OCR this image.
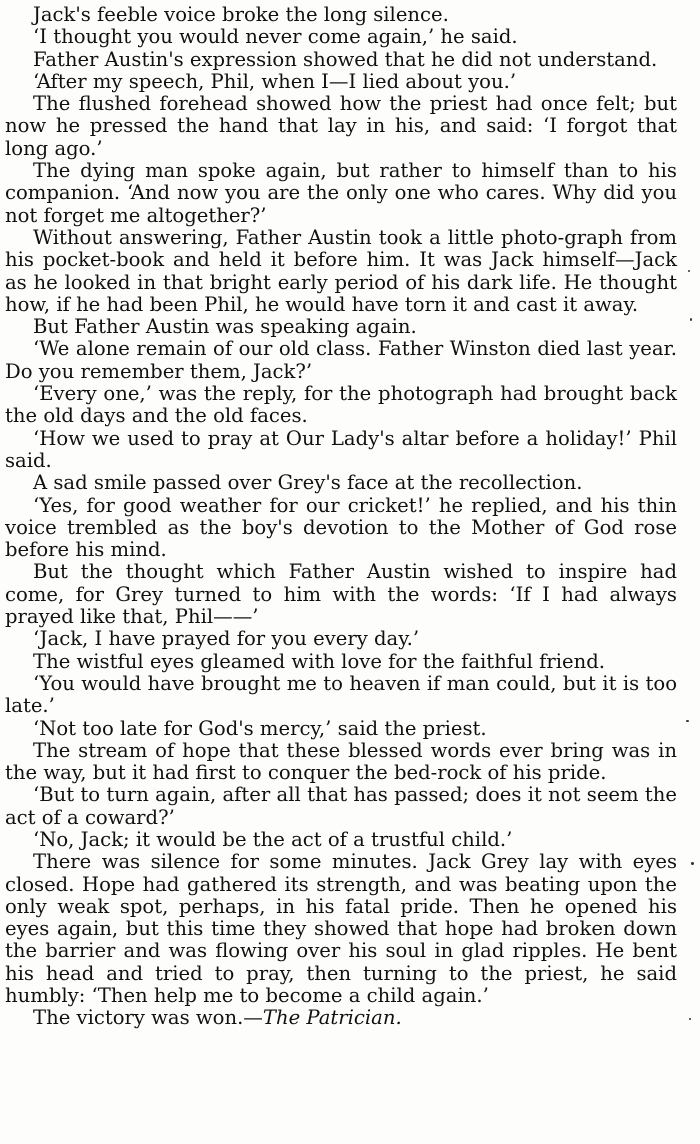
Jack's feeble voice broke the long silence.

‘I thought you would never come again,’ he said.

Father Austin's expression showed that he did not understand.

‘After my speech, Phil, when I—I lied about you.’

The flushed forehead showed how the priest had once felt; but now he pressed the hand that lay in his, and said: ‘I forgot that long ago.’

The dying man spoke again, but rather to himself than to his companion. ‘And now you are the only one who cares. Why did you not forget me altogether?’

Without answering, Father Austin took a little photo-graph from his pocket-book and held it before him. It was Jack himself—Jack as he looked in that bright early period of his dark life. He thought how, if he had been Phil, he would have torn it and cast it away.

But Father Austin was speaking again.

‘We alone remain of our old class. Father Winston died last year. Do you remember them, Jack?’

‘Every one,’ was the reply, for the photograph had brought back the old days and the old faces.

‘How we used to pray at Our Lady's altar before a holiday!’ Phil said.

A sad smile passed over Grey's face at the recollection.

‘Yes, for good weather for our cricket!’ he replied, and his thin voice trembled as the boy's devotion to the Mother of God rose before his mind.

But the thought which Father Austin wished to inspire had come, for Grey turned to him with the words: ‘If I had always prayed like that, Phil——’

‘Jack, I have prayed for you every day.’

The wistful eyes gleamed with love for the faithful friend.

‘You would have brought me to heaven if man could, but it is too late.’

‘Not too late for God's mercy,’ said the priest.

The stream of hope that these blessed words ever bring was in the way, but it had first to conquer the bed-rock of his pride.

‘But to turn again, after all that has passed; does it not seem the act of a coward?’

‘No, Jack; it would be the act of a trustful child.’

There was silence for some minutes. Jack Grey lay with eyes closed. Hope had gathered its strength, and was beating upon the only weak spot, perhaps, in his fatal pride. Then he opened his eyes again, but this time they showed that hope had broken down the barrier and was flowing over his soul in glad ripples. He bent his head and tried to pray, then turning to the priest, he said humbly: ‘Then help me to become a child again.’

The victory was won.—The Patrician.
